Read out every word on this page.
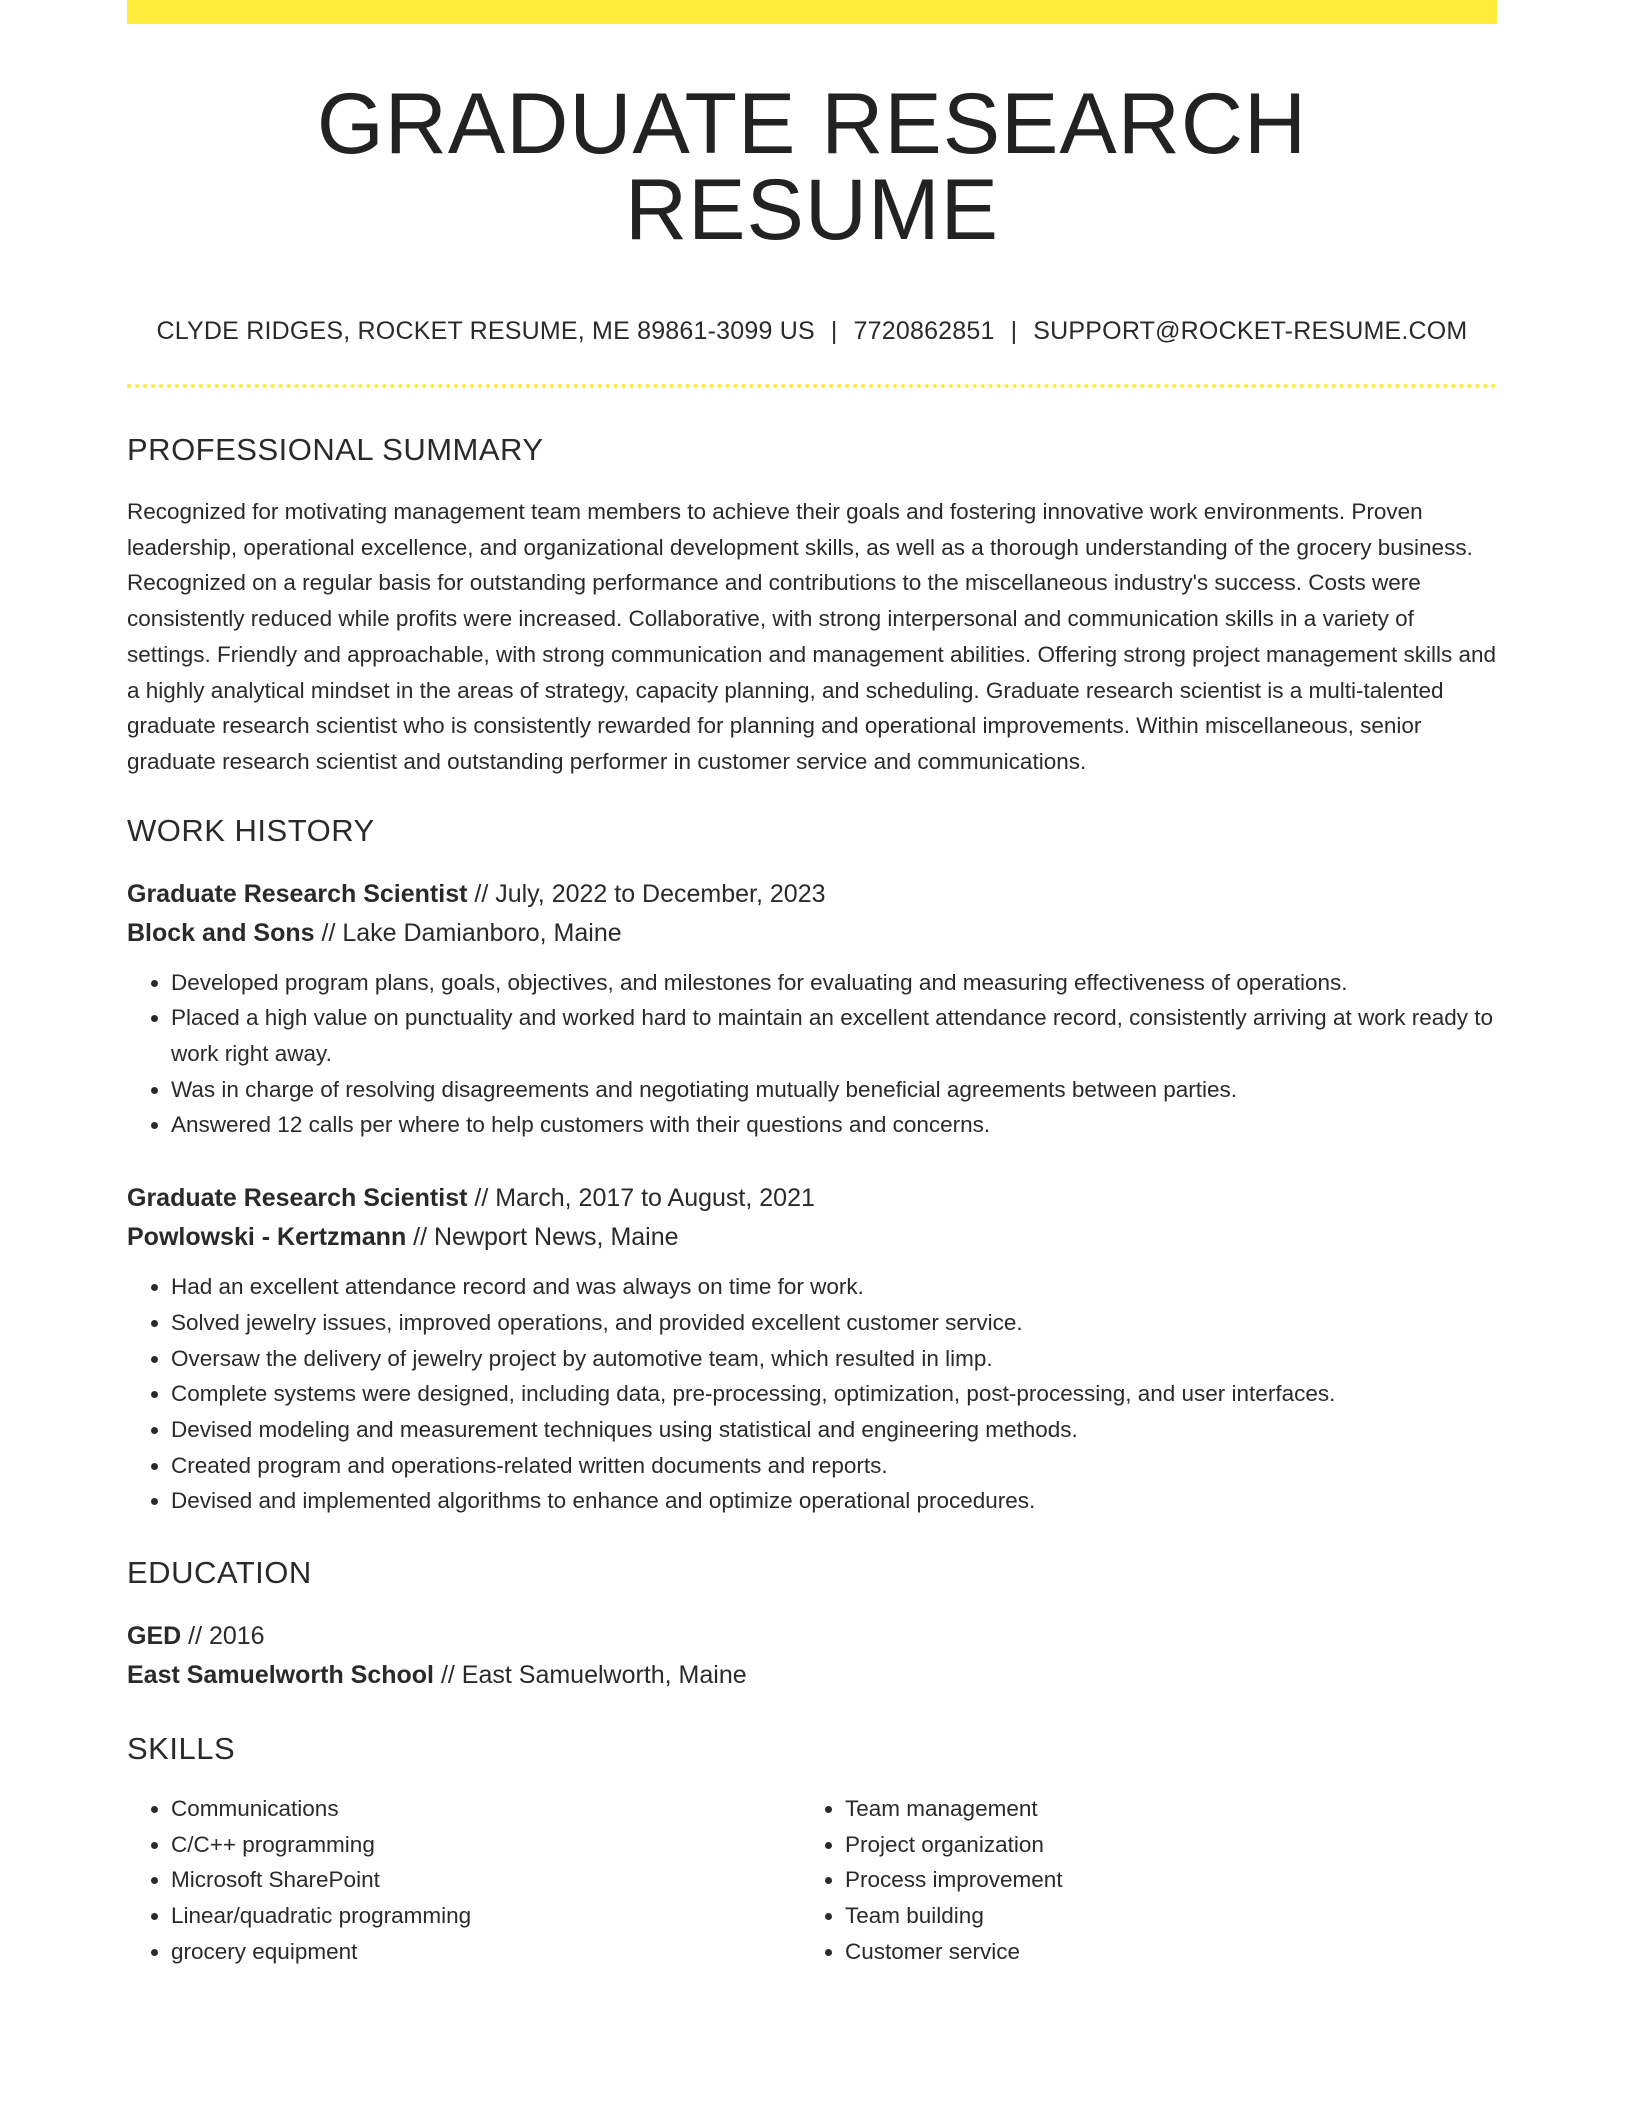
GRADUATE RESEARCH RESUME
CLYDE RIDGES, ROCKET RESUME, ME 89861-3099 US | 7720862851 | SUPPORT@ROCKET-RESUME.COM
PROFESSIONAL SUMMARY
Recognized for motivating management team members to achieve their goals and fostering innovative work environments. Proven leadership, operational excellence, and organizational development skills, as well as a thorough understanding of the grocery business. Recognized on a regular basis for outstanding performance and contributions to the miscellaneous industry's success. Costs were consistently reduced while profits were increased. Collaborative, with strong interpersonal and communication skills in a variety of settings. Friendly and approachable, with strong communication and management abilities. Offering strong project management skills and a highly analytical mindset in the areas of strategy, capacity planning, and scheduling. Graduate research scientist is a multi-talented graduate research scientist who is consistently rewarded for planning and operational improvements. Within miscellaneous, senior graduate research scientist and outstanding performer in customer service and communications.
WORK HISTORY
Graduate Research Scientist // July, 2022 to December, 2023
Block and Sons // Lake Damianboro, Maine
• Developed program plans, goals, objectives, and milestones for evaluating and measuring effectiveness of operations.
• Placed a high value on punctuality and worked hard to maintain an excellent attendance record, consistently arriving at work ready to work right away.
• Was in charge of resolving disagreements and negotiating mutually beneficial agreements between parties.
• Answered 12 calls per where to help customers with their questions and concerns.
Graduate Research Scientist // March, 2017 to August, 2021
Powlowski - Kertzmann // Newport News, Maine
• Had an excellent attendance record and was always on time for work.
• Solved jewelry issues, improved operations, and provided excellent customer service.
• Oversaw the delivery of jewelry project by automotive team, which resulted in limp.
• Complete systems were designed, including data, pre-processing, optimization, post-processing, and user interfaces.
• Devised modeling and measurement techniques using statistical and engineering methods.
• Created program and operations-related written documents and reports.
• Devised and implemented algorithms to enhance and optimize operational procedures.
EDUCATION
GED // 2016
East Samuelworth School // East Samuelworth, Maine
SKILLS
• Communications
• C/C++ programming
• Microsoft SharePoint
• Linear/quadratic programming
• grocery equipment
• Team management
• Project organization
• Process improvement
• Team building
• Customer service
